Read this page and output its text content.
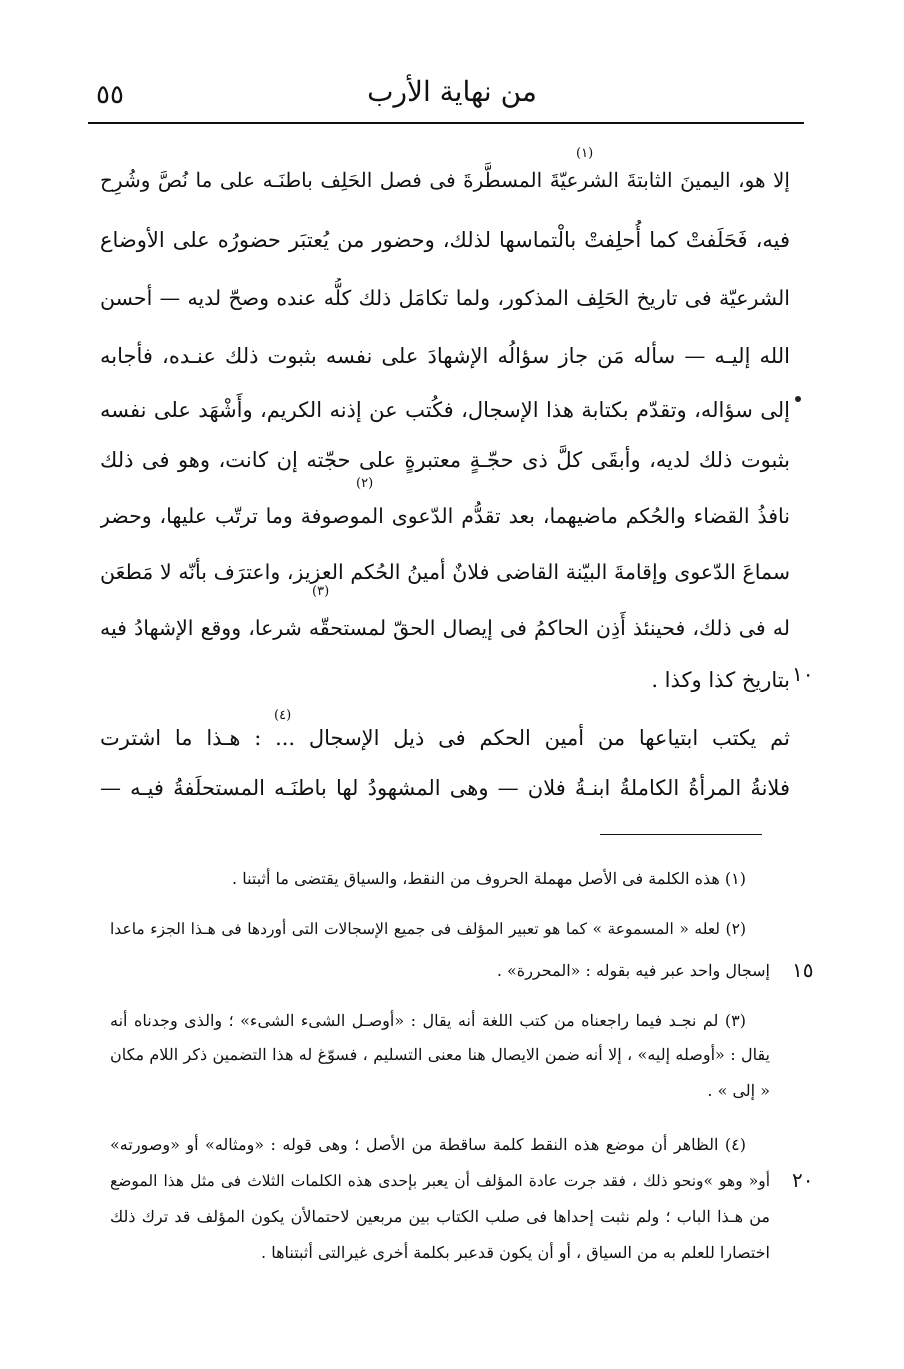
من نهاية الأرب
٥٥
إلا هو، اليمينَ الثابتةَ الشرعيّةَ المسطَّرةَ فى فصل الحَلِف باطنَـه على ما نُصَّ وشُرِح
فيه، فَحَلَفتْ كما أُحلِفتْ بالْتماسها لذلك، وحضور من يُعتبَر حضورُه على الأوضاع
الشرعيّة فى تاريخ الحَلِف المذكور، ولما تكامَل ذلك كلُّه عنده وصحّ لديه — أحسن
الله إليـه — سأله مَن جاز سؤالُه الإشهادَ على نفسه بثبوت ذلك عنـده، فأجابه
إلى سؤاله، وتقدّم بكتابة هذا الإسجال، فكُتب عن إذنه الكريم، وأَشْهَد على نفسه
بثبوت ذلك لديه، وأبقَى كلَّ ذى حجّـةٍ معتبرةٍ على حجّته إن كانت، وهو فى ذلك
نافذُ القضاء والحُكم ماضيهما، بعد تقدُّم الدّعوى الموصوفة وما ترتّب عليها، وحضر
سماعَ الدّعوى وإقامةَ البيّنة القاضى فلانٌ أمينُ الحُكم العزيز، واعترَف بأنّه لا مَطعَن
له فى ذلك، فحينئذ أَذِن الحاكمُ فى إيصال الحقّ لمستحقّه شرعا، ووقع الإشهادُ فيه
بتاريخ كذا وكذا .
ثم يكتب ابتياعها من أمين الحكم فى ذيل الإسجال ... : هـذا ما اشترت
فلانةُ المرأةُ الكاملةُ ابنـةُ فلان — وهى المشهودُ لها باطنَـه المستحلَفةُ فيـه —
(١)
(٢)
(٣)
(٤)
١٠
١٥
٢٠
(١) هذه الكلمة فى الأصل مهملة الحروف من النقط، والسياق يقتضى ما أثبتنا .
(٢) لعله « المسموعة » كما هو تعبير المؤلف فى جميع الإسجالات التى أوردها فى هـذا الجزء ماعدا
إسجال واحد عبر فيه بقوله : «المحررة» .
(٣) لم نجـد فيما راجعناه من كتب اللغة أنه يقال : «أوصـل الشىء الشىء» ؛ والذى وجدناه أنه
يقال : «أوصله إليه» ، إلا أنه ضمن الايصال هنا معنى التسليم ، فسوّغ له هذا التضمين ذكر اللام مكان
« إلى » .
(٤) الظاهر أن موضع هذه النقط كلمة ساقطة من الأصل ؛ وهى قوله : «ومثاله» أو «وصورته»
أو« وهو »ونحو ذلك ، فقد جرت عادة المؤلف أن يعبر بإحدى هذه الكلمات الثلاث فى مثل هذا الموضع
من هـذا الباب ؛ ولم نثبت إحداها فى صلب الكتاب بين مربعين لاحتمالأن يكون المؤلف قد ترك ذلك
اختصارا للعلم به من السياق ، أو أن يكون قدعبر بكلمة أخرى غيرالتى أثبتناها .
